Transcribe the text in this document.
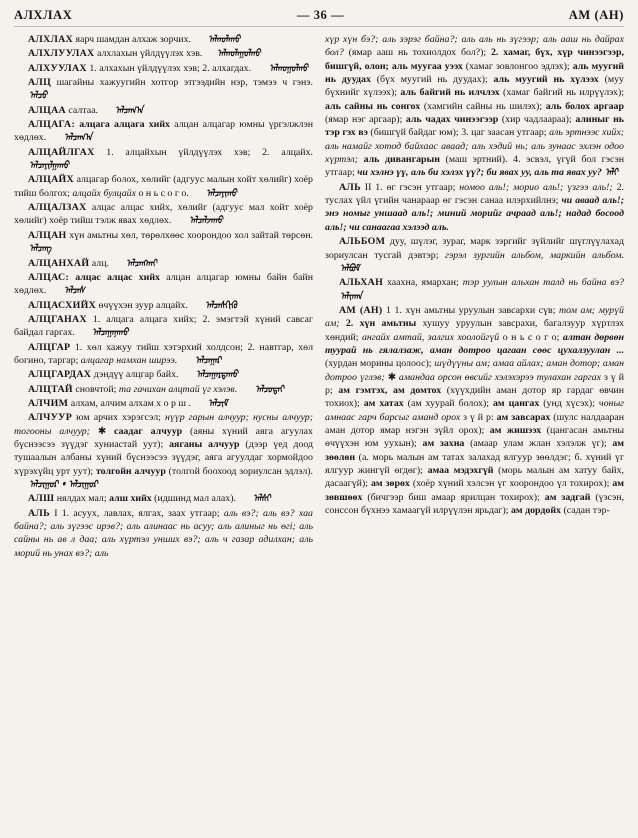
АЛХЛАХ	— 36 —	АМ (АН)

АЛХЛАХ яарч шамдан алхаж зорчих. ᠠᠯᠬᠤᠯᠠᠬᠤ

АЛХЛУУЛАХ алхлахын үйлдүүлэх хэв. ᠠᠯᠬᠤᠯᠠᠭᠤᠯᠬᠤ

АЛХУУЛАХ 1. алхахын үйлдүүлэх хэв; 2. алхагдах. ᠠᠯᠬᠤᠭᠤᠯᠬᠤ

АЛЦ шагайны хажуугийн хотгор этгээдийн нэр, тэмээ ч гэнэ. ᠠᠯᠴᠤ

АЛЦАА салтаа. ᠠᠯᠴᠠᠭ᠎ᠠ

АЛЦАГА: алцага алцага хийх алцан алцагар юмны үргэлжлэн хөдлөх. ᠠᠯᠴᠠᠭ᠎ᠠ

АЛЦАЙЛГАХ 1. алцайхын үйлдүүлэх хэв; 2. алцайх. ᠠᠯᠴᠠᠶᠢᠯᠭᠠᠬᠤ

АЛЦАЙХ алцагар болох, хөлийг (адгуус малын хойт хөлийг) хоёр тийш болгох; алцайх булцайх о н ь с о г о. ᠠᠯᠴᠠᠶᠢᠬᠤ

АЛЦАЛЗАХ алцас алцас хийх, хөлийг (адгуус мал хойт хоёр хөлийг) хоёр тийш тэлж явах хөдлөх. ᠠᠯᠴᠠᠯᠵᠠᠬᠤ

АЛЦАН хүн амьтны хөл, төрөлхөөс хоорондоо хол зайтай төрсөн. ᠠᠯᠴᠠᠩ

АЛЦАНХАЙ алц. ᠠᠯᠴᠠᠩᠬᠠᠢ

АЛЦАС: алцас алцас хийх алцан алцагар юмны байн байн хөдлөх. ᠠᠯᠴᠠᠰ

АЛЦАСХИЙХ өчүүхэн зуур алцайх. ᠠᠯᠴᠠᠰᠬᠢᠬᠦ

АЛЦГАНАХ 1. алцага алцага хийх; 2. эмэгтэй хүний савсаг байдал гаргах. ᠠᠯᠴᠠᠭᠠᠨᠠᠬᠤ

АЛЦГАР 1. хөл хажуу тийш хэтэрхий холдсон; 2. навтгар, хөл богино, таргар; алцагар намхан ширээ. ᠠᠯᠴᠠᠭᠠᠷ

АЛЦГАРДАХ дэндүү алцгар байх. ᠠᠯᠴᠠᠭᠠᠷᠳᠠᠬᠤ

АЛЦТАЙ сновчтой; та гачихан алцтай үг хэлэв. ᠠᠯᠴᠤᠲᠠᠢ

АЛЧИМ алхам, алчим алхам х о р ш . ᠠᠯᠴᠢᠮ

АЛЧУУР юм арчих хэрэгсэл; нүүр гарын алчуур; нусны алчуур; тогооны алчуур; ✱ саадаг алчуур (аяны хүний аяга агуулах бүснээсээ зүүдэг хуниастай уут); аяганы алчуур (дээр үед доод тушаалын албаны хүний бүснээсээ зүүдэг, аяга агуулдаг хормойдоо хүрэхүйц урт уут); толгойн алчуур (толгой боохоод зориулсан эдлэл). ᠠᠯᠴᠢᠭᠤᠷ • ᠠᠯᠴᠢᠭᠤᠷ

АЛШ нялдах мал; алш хийх (идшинд мал алах). ᠠᠯᠱᠢ

АЛЬ I 1. асуух, лавлах, ялгах, заах утгаар; аль вэ?; аль вэ? хаа байна?; аль зүгээс ирэв?; аль алинаас нь асуу; аль алиныг нь өгі; аль сайны нь ав л даа; аль хүртэл унших вэ?; аль ч газар адилхан; аль морий нь унах вэ?; аль

хүр хүн бэ?; аль зэрэг байна?; аль аль нь зүгээр; аль ааш нь дайрах бол? (ямар ааш нь тохиолдох бол?); 2. хамаг, бүх, хүр чинээгээр, бишгүй, олон; аль муугаа уээх (хамаг зовлонгоо эдлэх); аль муугий нь дуудах (бүх муугий нь дуудах); аль муугий нь хүлээх (муу бүхнийг хүлээх); аль байгий нь илчлэх (хамаг байгий нь илрүүлэх); аль сайны нь сонгох (хамгийн сайны нь шилэх); аль болох аргаар (ямар нэг аргаар); аль чадах чинээгээр (хир чадлаараа); алиныг нь тэр гэх вэ (бишгүй байдаг юм); 3. цаг заасан утгаар; аль эртнээс хийх; аль намайг хотод байхаас аваад; аль хэдий нь; аль зунаас эхлэн одоо хүртэл; аль дивангарын (маш эртний). 4. эсвэл, үгүй бол гэсэн утгаар; чи хэлнэ үү, аль би хэлэх үү?; би явах уу, аль та явах уу? ᠠᠯᠢ

АЛЬ II 1. өг гэсэн утгаар; номоо аль!; морио аль!; үзгээ аль!; 2. туслах үйл үгийн чанараар өг гэсэн санаа илэрхийлнэ; чи аваад аль!; энэ номыг уншаад аль!; миний морийг ачраад аль!; надад босоод аль!; чи санаагаа хэлээд аль.

АЛЬБОМ дуу, шүлэг, зураг, марк зэргийг зүйлийг шүглүүлахад зориулсан тусгай дэвтэр; гэрэл зургийн альбом, маркийн альбом. ᠠᠯᠪᠣᠮ

АЛЬХАН хаахна, ямархан; тэр уулын альхан талд нь байна вэ? ᠠᠯᠢᠬᠠᠨ

АМ (АН) 1 1. хүн амьтны уруулын завсархи сүв; том ам; мурүй ам; 2. хүн амьтны хушуу уруулын завсрахи, багалзуур хүртлэх хөндий; ангайх амтай, залгих хоолойгүй о н ь с о г о; алтан дөрвөн туурай нь гялалзаж, аман дотроо цагаан сөөс цухалзуулан ... (хурдан морины цолоос); шүдүүны ам; амаа айлах; аман дотор; аман дотроо үглэв; ✱ амандаа орсон өвсийг хэлэхэрээ тулахан гаргах з ү й р; ам гэмтэх, ам домтох (хүүхдийн аман дотор яр гардаг өвчин тохиох); ам хатах (ам хуурай болох); ам цангах (унд хүсэх); чоныг амнаас гарч барсыг аманд орох з ү й р: ам завсарах (шулс налдааран аман дотор ямар нэгэн зүйл орох); ам жишээх (цангасан амьтны өчүүхэн юм уухын); ам захна (амаар улам жлан хэлэлж үг); ам зөөлөн (а. морь малын ам татах залахад ялгуур зөөлдэг; б. хүний үг ялгуур жингүй өгдөг); амаа мэдэхгүй (морь малын ам хатуу байх, дасаагүй); ам зөрөх (хоёр хүний хэлсэн үг хоорондоо үл тохирох); ам зөвшөөх (бичгээр биш амаар ярилцан тохирох); ам задгай (үзсэн, сонссон бүхнээ хамаагүй илрүүлэн ярьдаг); ам дордойх (садан тэр-
